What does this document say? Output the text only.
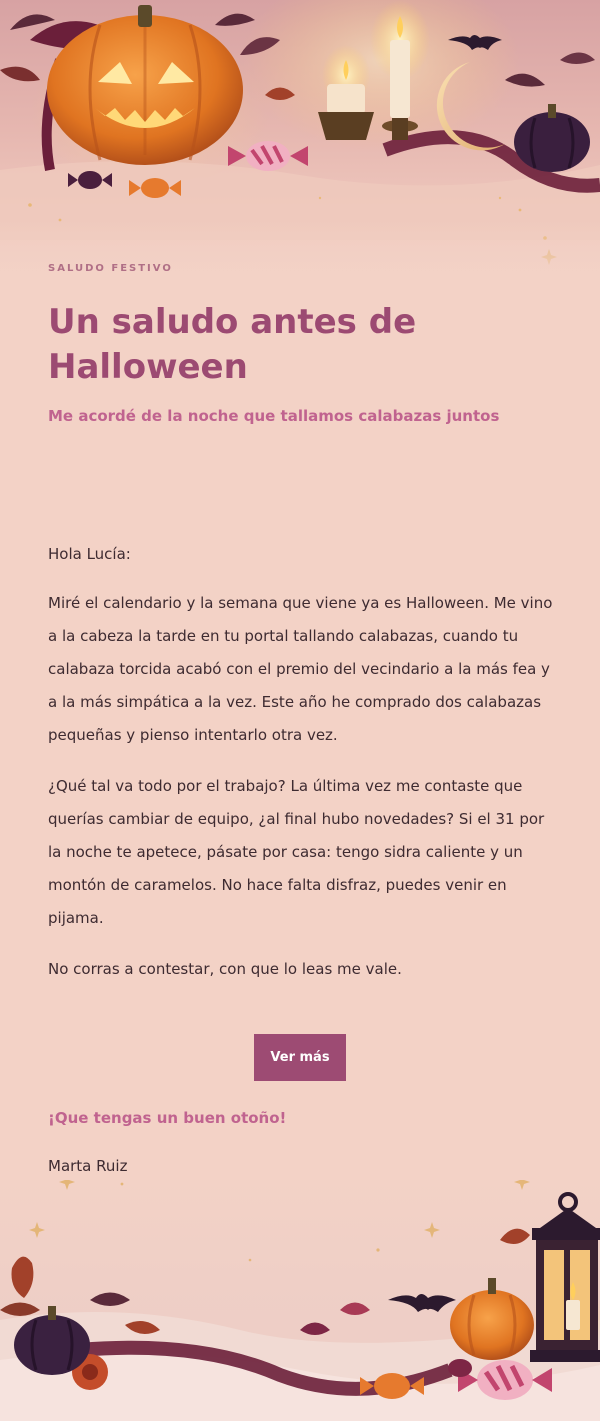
SALUDO FESTIVO
Un saludo antes de Halloween

Me acordé de la noche que tallamos calabazas juntos

Hola Lucía:

Miré el calendario y la semana que viene ya es Halloween. Me vino a la cabeza la tarde en tu portal tallando calabazas, cuando tu calabaza torcida acabó con el premio del vecindario a la más fea y a la más simpática a la vez. Este año he comprado dos calabazas pequeñas y pienso intentarlo otra vez.

¿Qué tal va todo por el trabajo? La última vez me contaste que querías cambiar de equipo, ¿al final hubo novedades? Si el 31 por la noche te apetece, pásate por casa: tengo sidra caliente y un montón de caramelos. No hace falta disfraz, puedes venir en pijama.

No corras a contestar, con que lo leas me vale.

Ver más

¡Que tengas un buen otoño!

Marta Ruiz
